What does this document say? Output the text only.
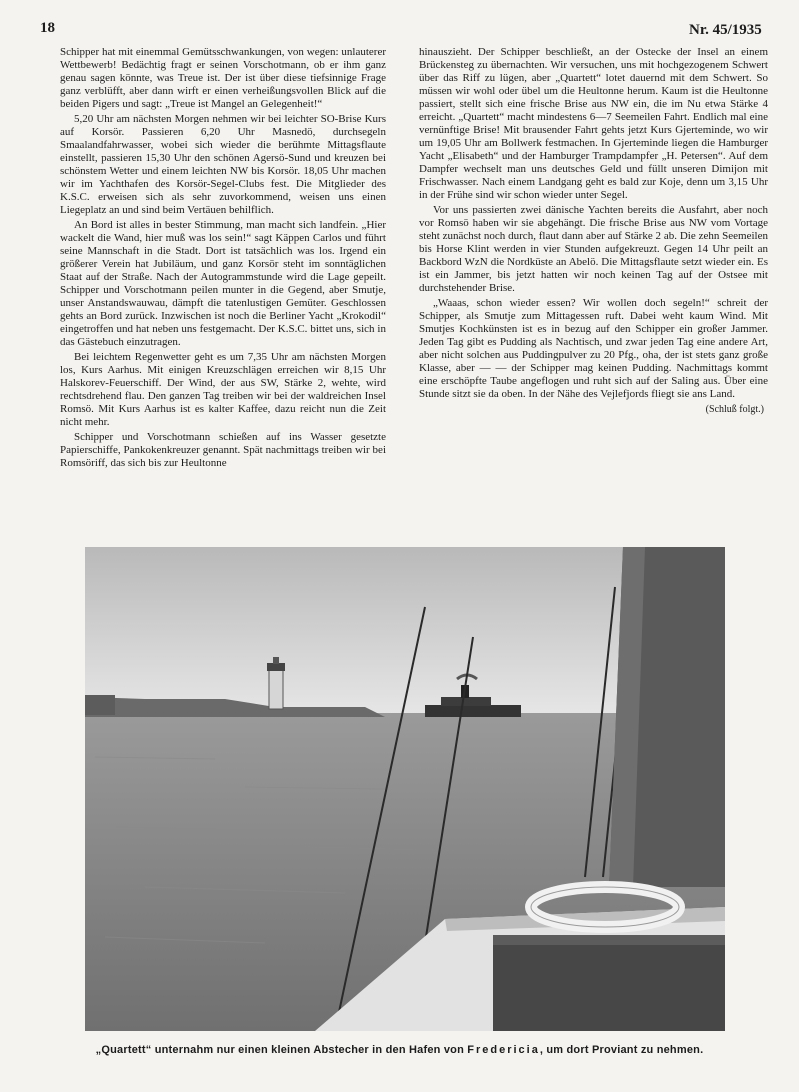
18	Nr. 45/1935

Schipper hat mit einemmal Gemütsschwankungen, von wegen: unlauterer Wettbewerb! Bedächtig fragt er seinen Vorschotmann, ob er ihm ganz genau sagen könnte, was Treue ist. Der ist über diese tiefsinnige Frage ganz verblüfft, aber dann wirft er einen verheißungsvollen Blick auf die beiden Pigers und sagt: „Treue ist Mangel an Gelegenheit!“

5,20 Uhr am nächsten Morgen nehmen wir bei leichter SO-Brise Kurs auf Korsör. Passieren 6,20 Uhr Masnedö, durchsegeln Smaalandfahrwasser, wobei sich wieder die berühmte Mittagsflaute einstellt, passieren 15,30 Uhr den schönen Agersö-Sund und kreuzen bei schönstem Wetter und einem leichten NW bis Korsör. 18,05 Uhr machen wir im Yachthafen des Korsör-Segel-Clubs fest. Die Mitglieder des K.S.C. erweisen sich als sehr zuvorkommend, weisen uns einen Liegeplatz an und sind beim Vertäuen behilflich.

An Bord ist alles in bester Stimmung, man macht sich landfein. „Hier wackelt die Wand, hier muß was los sein!“ sagt Käppen Carlos und führt seine Mannschaft in die Stadt. Dort ist tatsächlich was los. Irgend ein größerer Verein hat Jubiläum, und ganz Korsör steht im sonntäglichen Staat auf der Straße. Nach der Autogrammstunde wird die Lage gepeilt. Schipper und Vorschotmann peilen munter in die Gegend, aber Smutje, unser Anstandswauwau, dämpft die tatenlustigen Gemüter. Geschlossen gehts an Bord zurück. Inzwischen ist noch die Berliner Yacht „Krokodil“ eingetroffen und hat neben uns festgemacht. Der K.S.C. bittet uns, sich in das Gästebuch einzutragen.

Bei leichtem Regenwetter geht es um 7,35 Uhr am nächsten Morgen los, Kurs Aarhus. Mit einigen Kreuzschlägen erreichen wir 8,15 Uhr Halskorev-Feuerschiff. Der Wind, der aus SW, Stärke 2, wehte, wird rechtsdrehend flau. Den ganzen Tag treiben wir bei der waldreichen Insel Romsö. Mit Kurs Aarhus ist es kalter Kaffee, dazu reicht nun die Zeit nicht mehr.

Schipper und Vorschotmann schießen auf ins Wasser gesetzte Papierschiffe, Pankokenkreuzer genannt. Spät nachmittags treiben wir bei Romsöriff, das sich bis zur Heultonne

hinauszieht. Der Schipper beschließt, an der Ostecke der Insel an einem Brückensteg zu übernachten. Wir versuchen, uns mit hochgezogenem Schwert über das Riff zu lügen, aber „Quartett“ lotet dauernd mit dem Schwert. So müssen wir wohl oder übel um die Heultonne herum. Kaum ist die Heultonne passiert, stellt sich eine frische Brise aus NW ein, die im Nu etwa Stärke 4 erreicht. „Quartett“ macht mindestens 6—7 Seemeilen Fahrt. Endlich mal eine vernünftige Brise! Mit brausender Fahrt gehts jetzt Kurs Gjerteminde, wo wir um 19,05 Uhr am Bollwerk festmachen. In Gjerteminde liegen die Hamburger Yacht „Elisabeth“ und der Hamburger Trampdampfer „H. Petersen“. Auf dem Dampfer wechselt man uns deutsches Geld und füllt unseren Dimijon mit Frischwasser. Nach einem Landgang geht es bald zur Koje, denn um 3,15 Uhr in der Frühe sind wir schon wieder unter Segel.

Vor uns passierten zwei dänische Yachten bereits die Ausfahrt, aber noch vor Romsö haben wir sie abgehängt. Die frische Brise aus NW vom Vortage steht zunächst noch durch, flaut dann aber auf Stärke 2 ab. Die zehn Seemeilen bis Horse Klint werden in vier Stunden aufgekreuzt. Gegen 14 Uhr peilt an Backbord WzN die Nordküste an Abelö. Die Mittagsflaute setzt wieder ein. Es ist ein Jammer, bis jetzt hatten wir noch keinen Tag auf der Ostsee mit durchstehender Brise.

„Waaas, schon wieder essen? Wir wollen doch segeln!“ schreit der Schipper, als Smutje zum Mittagessen ruft. Dabei weht kaum Wind. Mit Smutjes Kochkünsten ist es in bezug auf den Schipper ein großer Jammer. Jeden Tag gibt es Pudding als Nachtisch, und zwar jeden Tag eine andere Art, aber nicht solchen aus Puddingpulver zu 20 Pfg., oha, der ist stets ganz große Klasse, aber — — der Schipper mag keinen Pudding. Nachmittags kommt eine erschöpfte Taube angeflogen und ruht sich auf der Saling aus. Über eine Stunde sitzt sie da oben. In der Nähe des Vejlefjords fliegt sie ans Land.

(Schluß folgt.)
„Quartett“ unternahm nur einen kleinen Abstecher in den Hafen von Fredericia, um dort Proviant zu nehmen.
